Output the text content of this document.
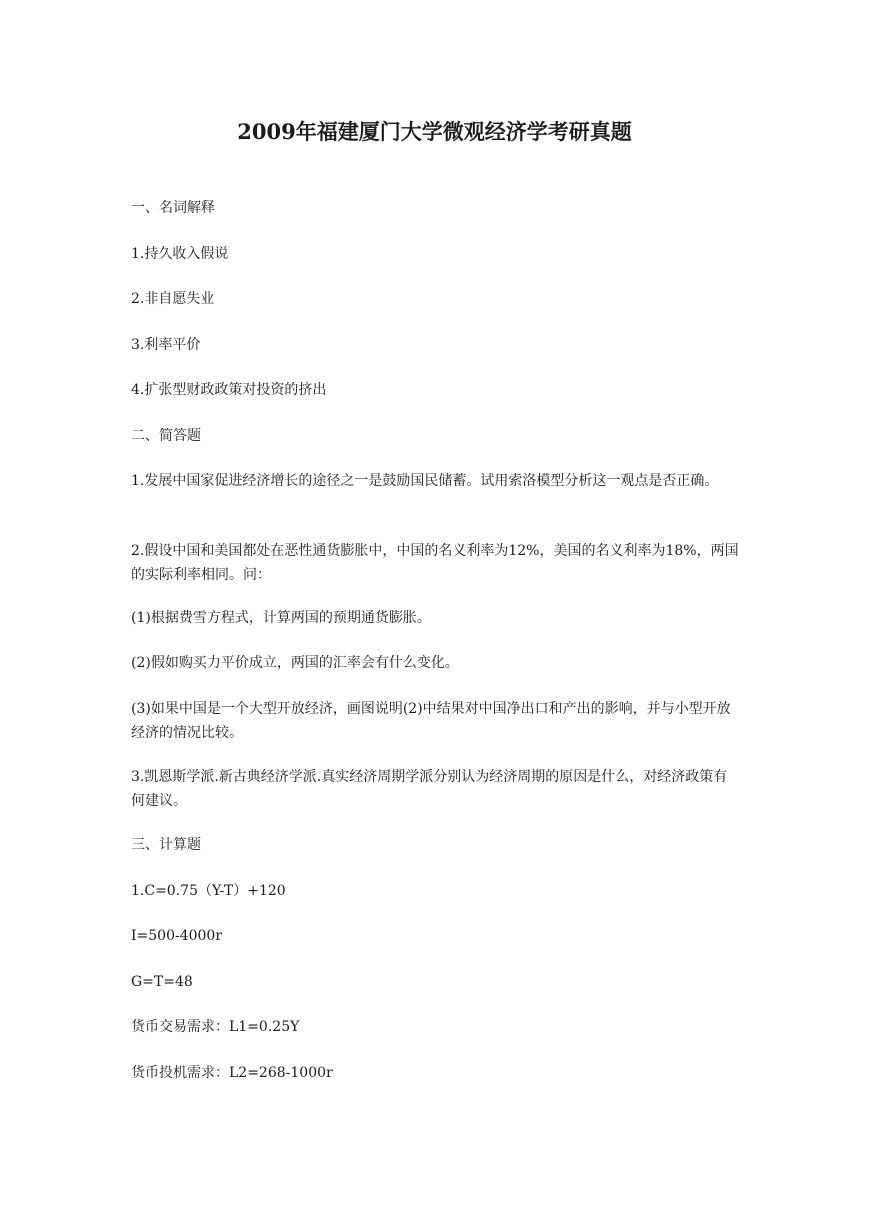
2009年福建厦门大学微观经济学考研真题

一、名词解释

1.持久收入假说

2.非自愿失业

3.利率平价

4.扩张型财政政策对投资的挤出

二、简答题

1.发展中国家促进经济增长的途径之一是鼓励国民储蓄。试用索洛模型分析这一观点是否正确。

2.假设中国和美国都处在恶性通货膨胀中，中国的名义利率为12%，美国的名义利率为18%，两国的实际利率相同。问：

(1)根据费雪方程式，计算两国的预期通货膨胀。

(2)假如购买力平价成立，两国的汇率会有什么变化。

(3)如果中国是一个大型开放经济，画图说明(2)中结果对中国净出口和产出的影响，并与小型开放经济的情况比较。

3.凯恩斯学派.新古典经济学派.真实经济周期学派分别认为经济周期的原因是什么，对经济政策有何建议。

三、计算题

1.C=0.75（Y-T）+120

I=500-4000r

G=T=48

货币交易需求：L1=0.25Y

货币投机需求：L2=268-1000r
